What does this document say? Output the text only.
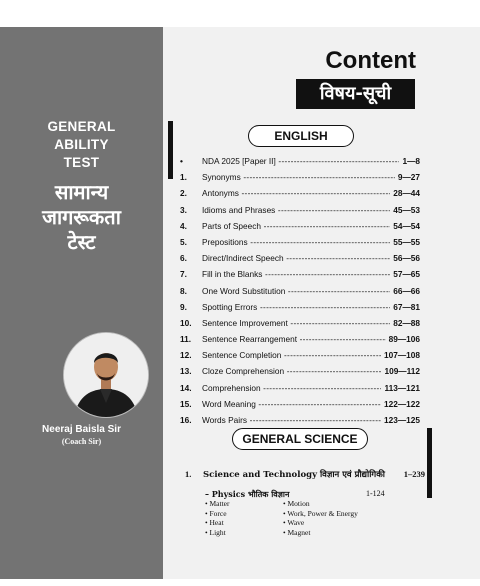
GENERAL
ABILITY
TEST
सामान्य
जागरूकता
टेस्ट
Neeraj Baisla Sir
(Coach Sir)
Content
विषय-सूची
ENGLISH
•	NDA 2025 [Paper II] -----	1—8
1.	Synonyms -----	9—27
2.	Antonyms -----	28—44
3.	Idioms and Phrases -----	45—53
4.	Parts of Speech -----	54—54
5.	Prepositions -----	55—55
6.	Direct/Indirect Speech -----	56—56
7.	Fill in the Blanks -----	57—65
8.	One Word Substitution -----	66—66
9.	Spotting Errors -----	67—81
10.	Sentence Improvement -----	82—88
11.	Sentence Rearrangement -----	89—106
12.	Sentence Completion -----	107—108
13.	Cloze Comprehension -----	109—112
14.	Comprehension -----	113—121
15.	Word Meaning -----	122—122
16.	Words Pairs -----	123—125
GENERAL SCIENCE
1.	Science and Technology विज्ञान एवं प्रौद्योगिकी	1–239
– Physics भौतिक विज्ञान	1-124
• Matter
• Force
• Heat
• Light
• Motion
• Work, Power & Energy
• Wave
• Magnet
